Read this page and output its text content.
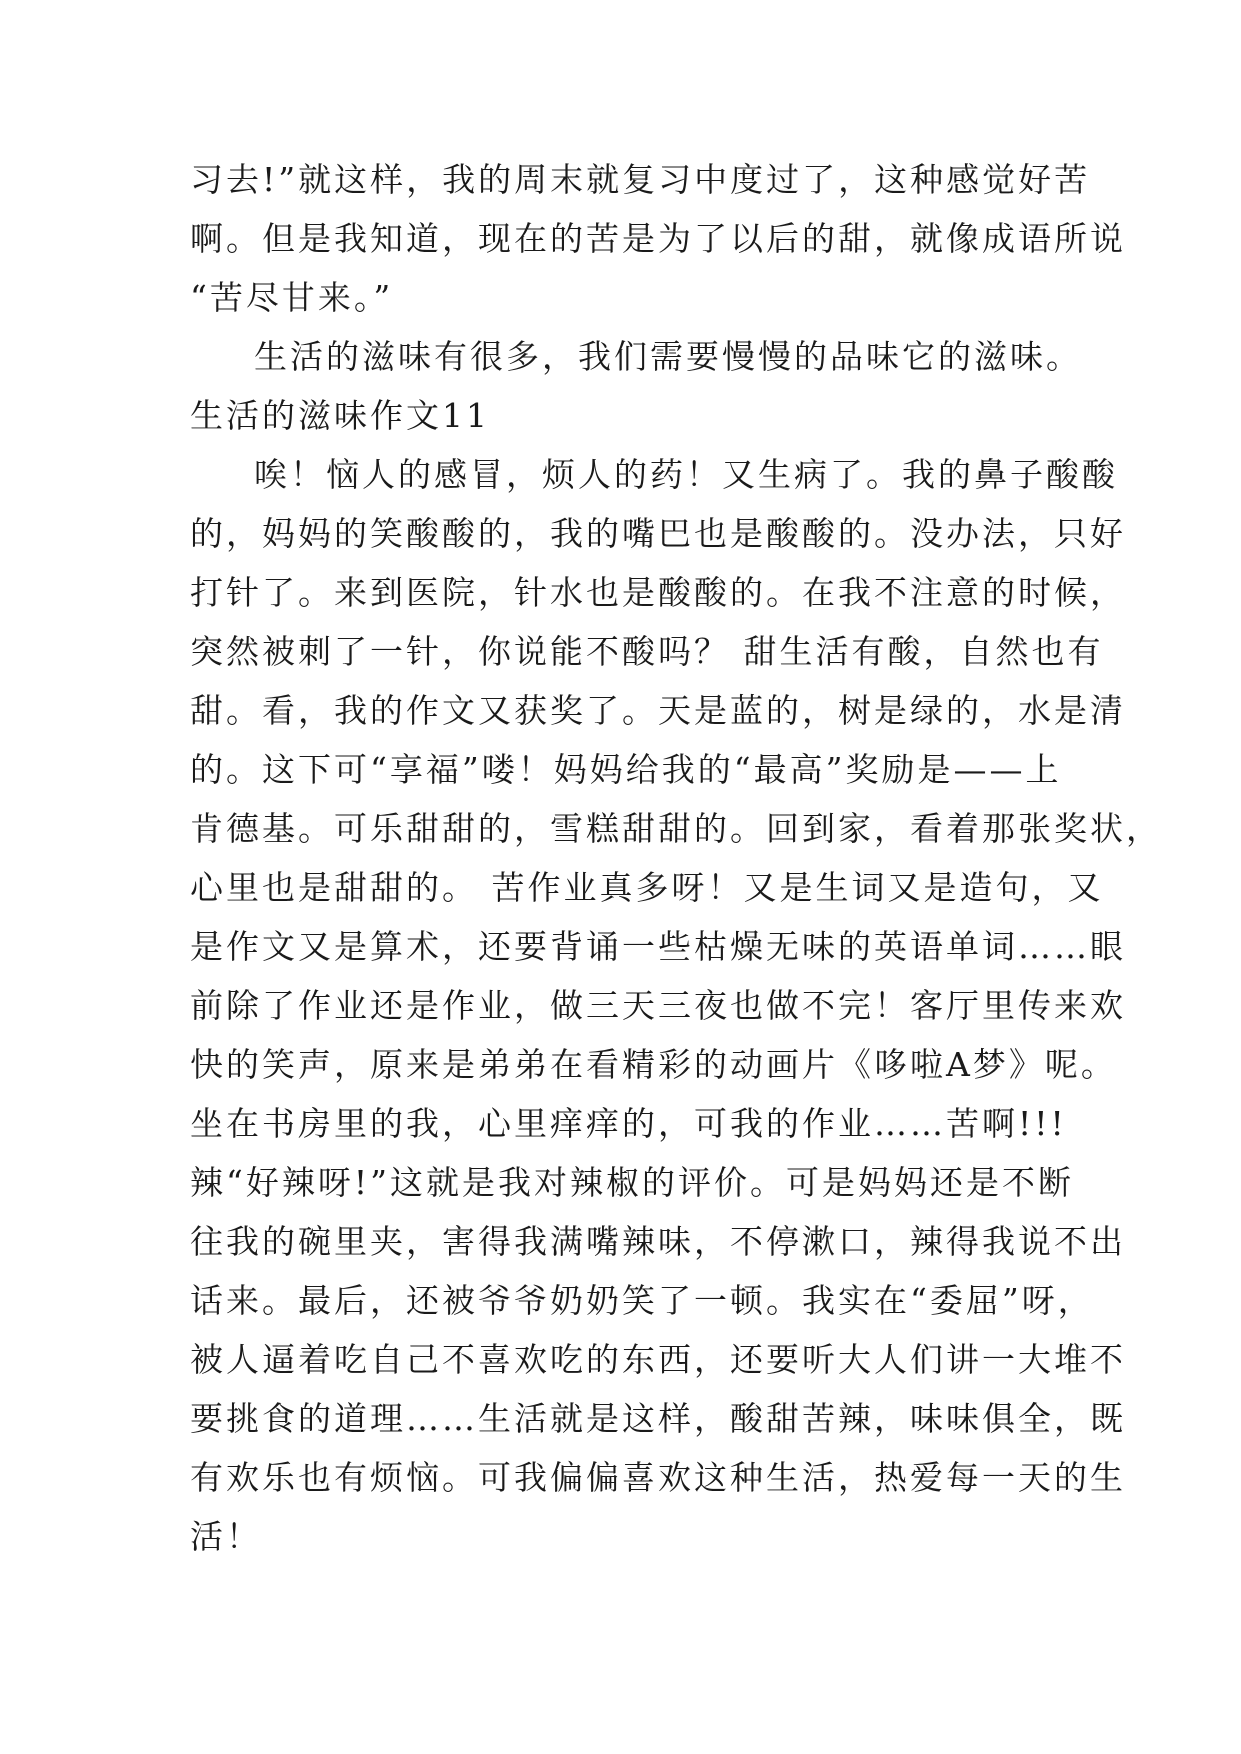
习去!”就这样，我的周末就复习中度过了，这种感觉好苦
啊。但是我知道，现在的苦是为了以后的甜，就像成语所说
“苦尽甘来。”
生活的滋味有很多，我们需要慢慢的品味它的滋味。
生活的滋味作文11
唉！恼人的感冒，烦人的药！又生病了。我的鼻子酸酸
的，妈妈的笑酸酸的，我的嘴巴也是酸酸的。没办法，只好
打针了。来到医院，针水也是酸酸的。在我不注意的时候，
突然被刺了一针，你说能不酸吗？ 甜生活有酸，自然也有
甜。看，我的作文又获奖了。天是蓝的，树是绿的，水是清
的。这下可“享福”喽！妈妈给我的“最高”奖励是——上
肯德基。可乐甜甜的，雪糕甜甜的。回到家，看着那张奖状，
心里也是甜甜的。 苦作业真多呀！又是生词又是造句，又
是作文又是算术，还要背诵一些枯燥无味的英语单词……眼
前除了作业还是作业，做三天三夜也做不完！客厅里传来欢
快的笑声，原来是弟弟在看精彩的动画片《哆啦A梦》呢。
坐在书房里的我，心里痒痒的，可我的作业……苦啊!!!
辣“好辣呀!”这就是我对辣椒的评价。可是妈妈还是不断
往我的碗里夹，害得我满嘴辣味，不停漱口，辣得我说不出
话来。最后，还被爷爷奶奶笑了一顿。我实在“委屈”呀，
被人逼着吃自己不喜欢吃的东西，还要听大人们讲一大堆不
要挑食的道理……生活就是这样，酸甜苦辣，味味俱全，既
有欢乐也有烦恼。可我偏偏喜欢这种生活，热爱每一天的生
活！
